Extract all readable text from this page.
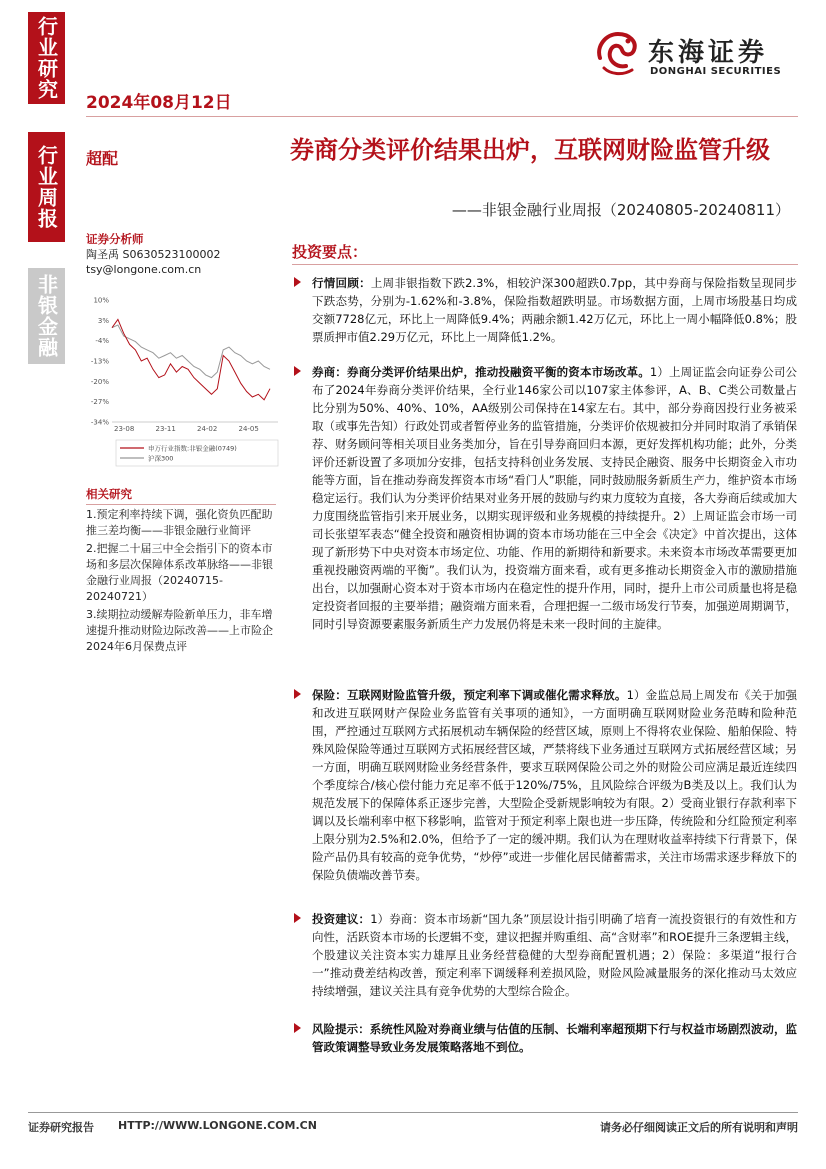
行业研究
行业周报
非银金融
2024年08月12日
东海证券
DONGHAI SECURITIES
超配	券商分类评价结果出炉，互联网财险监管升级
——非银金融行业周报（20240805-20240811）
证券分析师
陶圣禹 S0630523100002
tsy@longone.com.cn
10%
3%
-4%
-13%
-20%
-27%
-34%
23-08	23-11	24-02	24-05
申万行业指数:非银金融(0749)
沪深300
相关研究
1.预定利率持续下调，强化资负匹配助推三差均衡——非银金融行业简评
2.把握二十届三中全会指引下的资本市场和多层次保障体系改革脉络——非银金融行业周报（20240715-20240721）
3.续期拉动缓解寿险新单压力，非车增速提升推动财险边际改善——上市险企2024年6月保费点评
投资要点：
行情回顾：上周非银指数下跌2.3%，相较沪深300超跌0.7pp，其中券商与保险指数呈现同步下跌态势，分别为-1.62%和-3.8%，保险指数超跌明显。市场数据方面，上周市场股基日均成交额7728亿元，环比上一周降低9.4%；两融余额1.42万亿元，环比上一周小幅降低0.8%；股票质押市值2.29万亿元，环比上一周降低1.2%。
券商：券商分类评价结果出炉，推动投融资平衡的资本市场改革。1）上周证监会向证券公司公布了2024年券商分类评价结果，全行业146家公司以107家主体参评，A、B、C类公司数量占比分别为50%、40%、10%，AA级别公司保持在14家左右。其中，部分券商因投行业务被采取（或事先告知）行政处罚或者暂停业务的监管措施，分类评价依规被扣分并同时取消了承销保荐、财务顾问等相关项目业务类加分，旨在引导券商回归本源，更好发挥机构功能；此外，分类评价还新设置了多项加分安排，包括支持科创业务发展、支持民企融资、服务中长期资金入市功能等方面，旨在推动券商发挥资本市场“看门人”职能，同时鼓励服务新质生产力，维护资本市场稳定运行。我们认为分类评价结果对业务开展的鼓励与约束力度较为直接，各大券商后续或加大力度围绕监管指引来开展业务，以期实现评级和业务规模的持续提升。2）上周证监会市场一司司长张望军表态“健全投资和融资相协调的资本市场功能在三中全会《决定》中首次提出，这体现了新形势下中央对资本市场定位、功能、作用的新期待和新要求。未来资本市场改革需要更加重视投融资两端的平衡”。我们认为，投资端方面来看，或有更多推动长期资金入市的激励措施出台，以加强耐心资本对于资本市场内在稳定性的提升作用，同时，提升上市公司质量也将是稳定投资者回报的主要举措；融资端方面来看，合理把握一二级市场发行节奏，加强逆周期调节，同时引导资源要素服务新质生产力发展仍将是未来一段时间的主旋律。
保险：互联网财险监管升级，预定利率下调或催化需求释放。1）金监总局上周发布《关于加强和改进互联网财产保险业务监管有关事项的通知》，一方面明确互联网财险业务范畴和险种范围，严控通过互联网方式拓展机动车辆保险的经营区域，原则上不得将农业保险、船舶保险、特殊风险保险等通过互联网方式拓展经营区域，严禁将线下业务通过互联网方式拓展经营区域；另一方面，明确互联网财险业务经营条件，要求互联网保险公司之外的财险公司应满足最近连续四个季度综合/核心偿付能力充足率不低于120%/75%，且风险综合评级为B类及以上。我们认为规范发展下的保障体系正逐步完善，大型险企受新规影响较为有限。2）受商业银行存款利率下调以及长端利率中枢下移影响，监管对于预定利率上限也进一步压降，传统险和分红险预定利率上限分别为2.5%和2.0%，但给予了一定的缓冲期。我们认为在理财收益率持续下行背景下，保险产品仍具有较高的竞争优势，“炒停”或进一步催化居民储蓄需求，关注市场需求逐步释放下的保险负债端改善节奏。
投资建议：1）券商：资本市场新“国九条”顶层设计指引明确了培育一流投资银行的有效性和方向性，活跃资本市场的长逻辑不变，建议把握并购重组、高“含财率”和ROE提升三条逻辑主线，个股建议关注资本实力雄厚且业务经营稳健的大型券商配置机遇；2）保险：多渠道“报行合一”推动费差结构改善，预定利率下调缓释利差损风险，财险风险减量服务的深化推动马太效应持续增强，建议关注具有竞争优势的大型综合险企。
风险提示：系统性风险对券商业绩与估值的压制、长端利率超预期下行与权益市场剧烈波动，监管政策调整导致业务发展策略落地不到位。
证券研究报告 HTTP://WWW.LONGONE.COM.CN	请务必仔细阅读正文后的所有说明和声明
